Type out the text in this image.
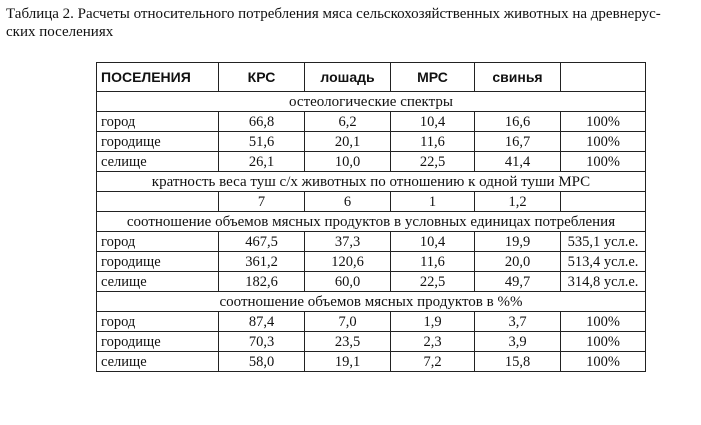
Таблица 2. Расчеты относительного потребления мяса сельскохозяйственных животных на древнерус-
ских поселениях
ПОСЕЛЕНИЯ	КРС	лошадь	МРС	свинья	
остеологические спектры					
город	66,8	6,2	10,4	16,6	100%
городище	51,6	20,1	11,6	16,7	100%
селище	26,1	10,0	22,5	41,4	100%
кратность веса туш с/х животных по отношению к одной туши МРС					
	7	6	1	1,2	
соотношение объемов мясных продуктов в условных единицах потребления					
город	467,5	37,3	10,4	19,9	535,1 усл.е.
городище	361,2	120,6	11,6	20,0	513,4 усл.е.
селище	182,6	60,0	22,5	49,7	314,8 усл.е.
соотношение объемов мясных продуктов в %%					
город	87,4	7,0	1,9	3,7	100%
городище	70,3	23,5	2,3	3,9	100%
селище	58,0	19,1	7,2	15,8	100%
